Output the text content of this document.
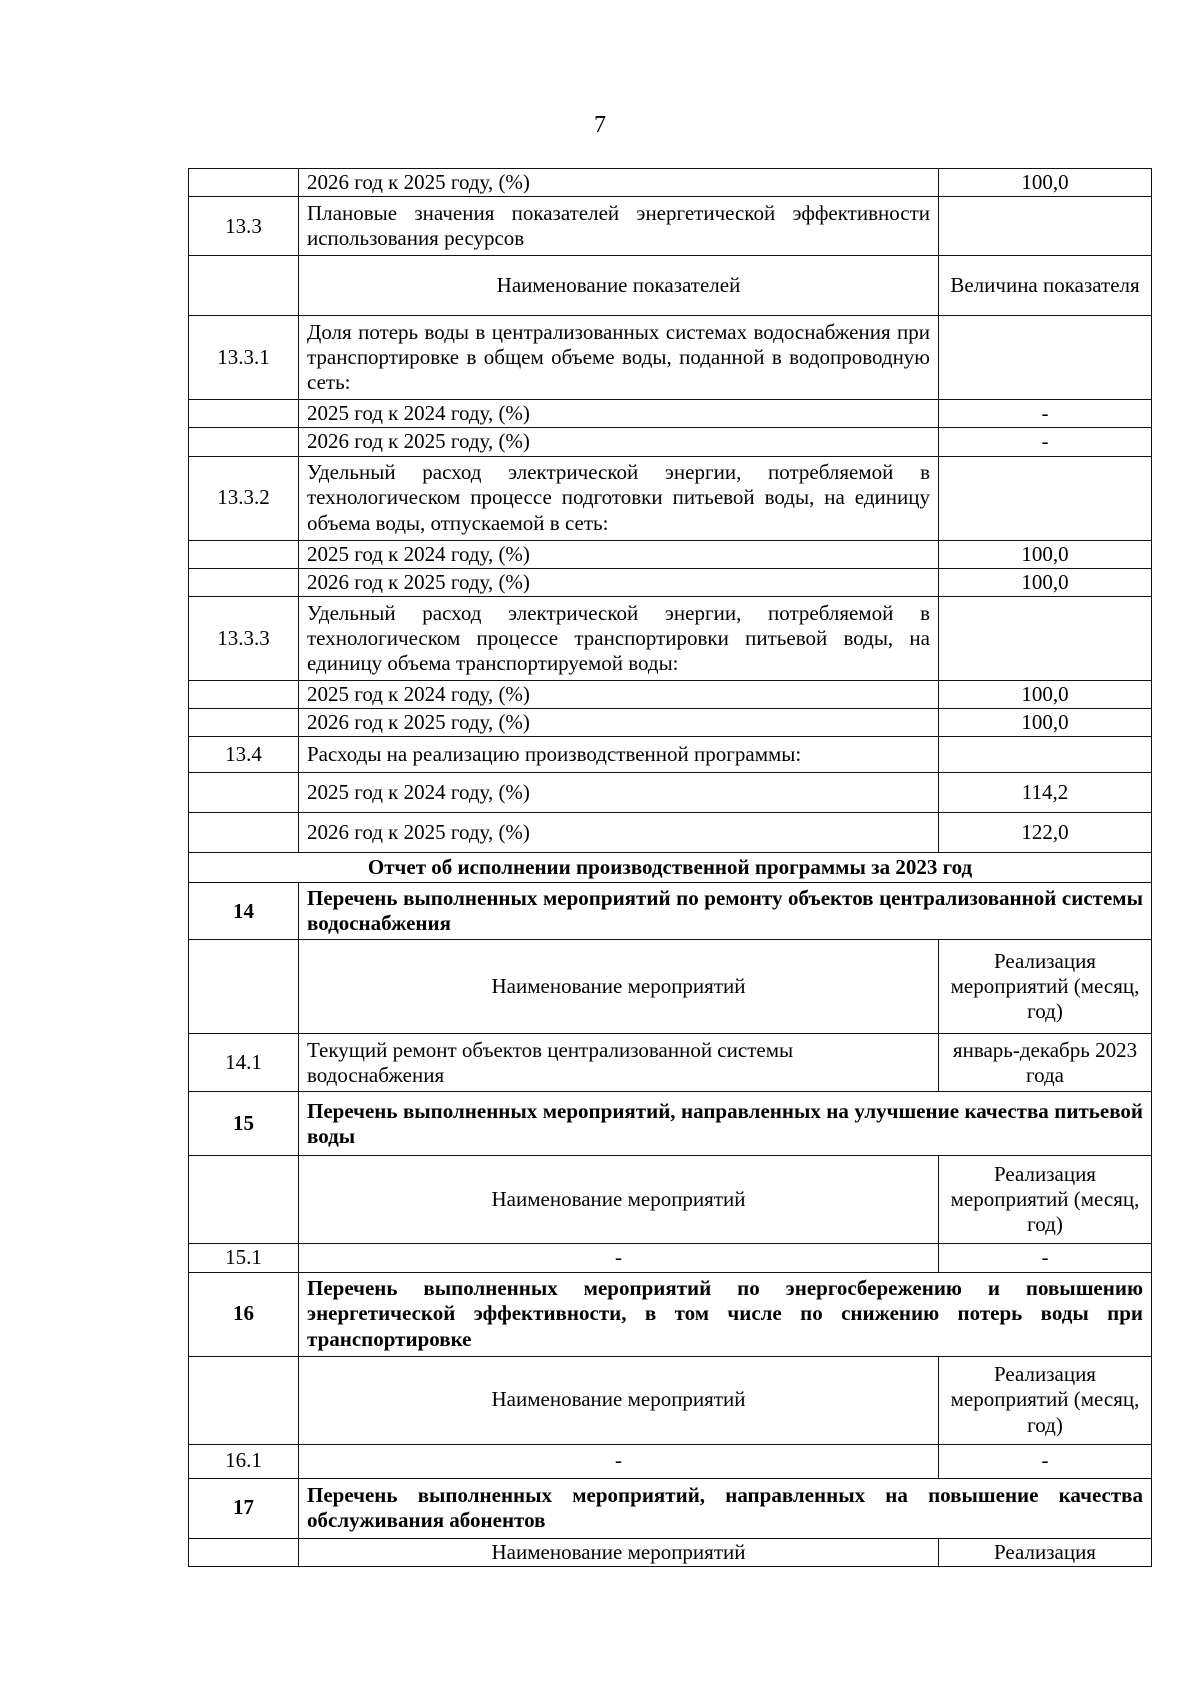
7
	2026 год к 2025 году, (%)	100,0
13.3	Плановые значения показателей энергетической эффективности использования ресурсов	
	Наименование показателей	Величина показателя
13.3.1	Доля потерь воды в централизованных системах водоснабжения при транспортировке в общем объеме воды, поданной в водопроводную сеть:	
	2025 год к 2024 году, (%)	-
	2026 год к 2025 году, (%)	-
13.3.2	Удельный расход электрической энергии, потребляемой в технологическом процессе подготовки питьевой воды, на единицу объема воды, отпускаемой в сеть:	
	2025 год к 2024 году, (%)	100,0
	2026 год к 2025 году, (%)	100,0
13.3.3	Удельный расход электрической энергии, потребляемой в технологическом процессе транспортировки питьевой воды, на единицу объема транспортируемой воды:	
	2025 год к 2024 году, (%)	100,0
	2026 год к 2025 году, (%)	100,0
13.4	Расходы на реализацию производственной программы:	
	2025 год к 2024 году, (%)	114,2
	2026 год к 2025 году, (%)	122,0
Отчет об исполнении производственной программы за 2023 год		
14	Перечень выполненных мероприятий по ремонту объектов централизованной системы водоснабжения	
	Наименование мероприятий	Реализация мероприятий (месяц, год)
14.1	Текущий ремонт объектов централизованной системы водоснабжения	январь-декабрь 2023 года
15	Перечень выполненных мероприятий, направленных на улучшение качества питьевой воды	
	Наименование мероприятий	Реализация мероприятий (месяц, год)
15.1	-	-
16	Перечень выполненных мероприятий по энергосбережению и повышению энергетической эффективности, в том числе по снижению потерь воды при транспортировке	
	Наименование мероприятий	Реализация мероприятий (месяц, год)
16.1	-	-
17	Перечень выполненных мероприятий, направленных на повышение качества обслуживания абонентов	
	Наименование мероприятий	Реализация
